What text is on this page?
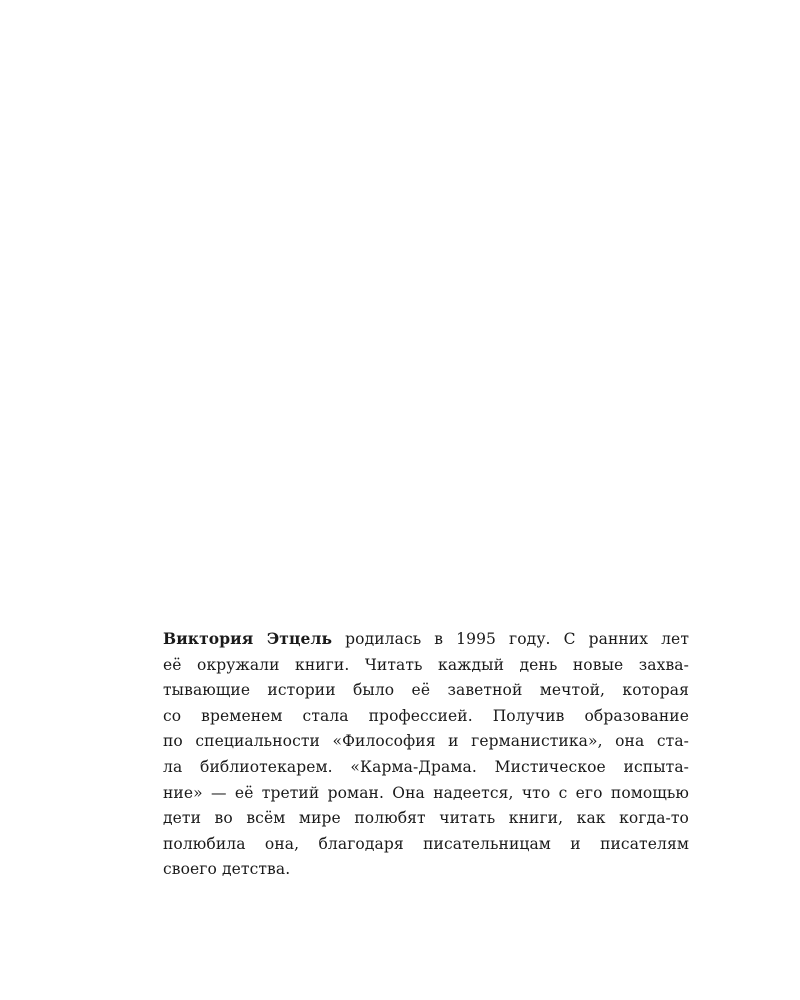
Виктория Этцель родилась в 1995 году. С ранних лет
её окружали книги. Читать каждый день новые захва-
тывающие истории было её заветной мечтой, которая
со временем стала профессией. Получив образование
по специальности «Философия и германистика», она ста-
ла библиотекарем. «Карма-Драма. Мистическое испыта-
ние» — её третий роман. Она надеется, что с его помощью
дети во всём мире полюбят читать книги, как когда-то
полюбила она, благодаря писательницам и писателям
своего детства.
